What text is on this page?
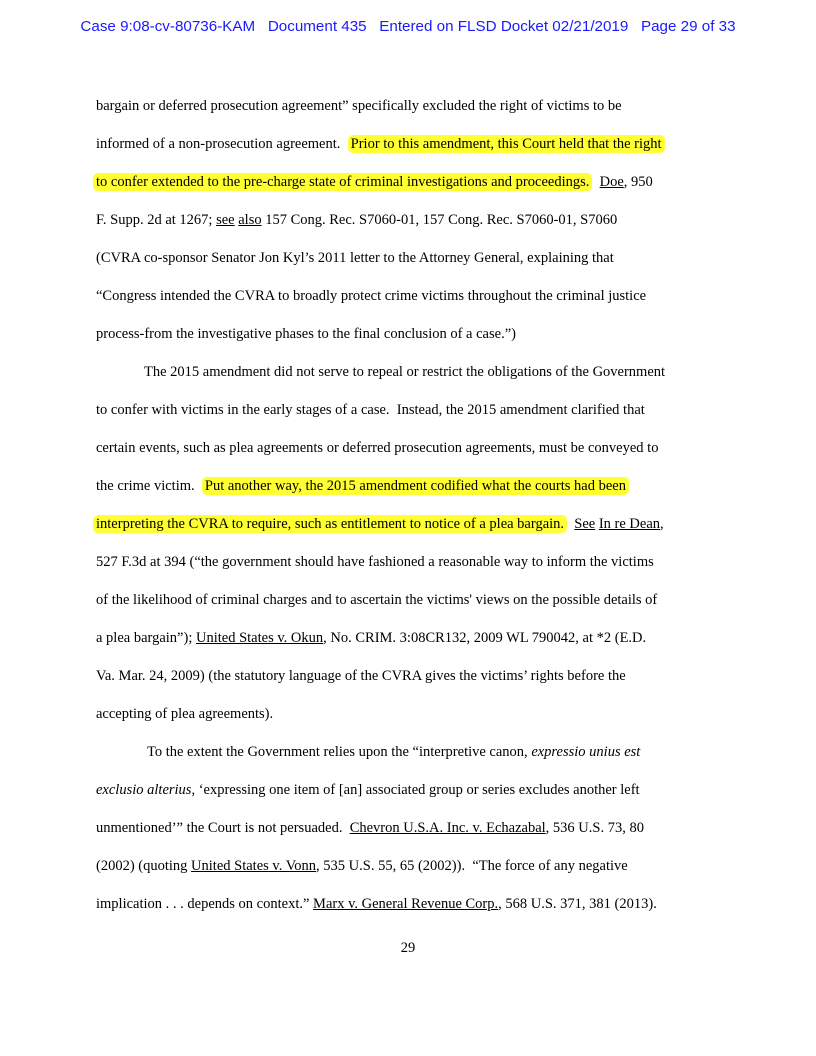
Case 9:08-cv-80736-KAM   Document 435   Entered on FLSD Docket 02/21/2019   Page 29 of 33
bargain or deferred prosecution agreement” specifically excluded the right of victims to be
informed of a non-prosecution agreement.  Prior to this amendment, this Court held that the right
to confer extended to the pre-charge state of criminal investigations and proceedings. Doe, 950
F. Supp. 2d at 1267; see also 157 Cong. Rec. S7060-01, 157 Cong. Rec. S7060-01, S7060
(CVRA co-sponsor Senator Jon Kyl’s 2011 letter to the Attorney General, explaining that
“Congress intended the CVRA to broadly protect crime victims throughout the criminal justice
process-from the investigative phases to the final conclusion of a case.”)
The 2015 amendment did not serve to repeal or restrict the obligations of the Government
to confer with victims in the early stages of a case.  Instead, the 2015 amendment clarified that
certain events, such as plea agreements or deferred prosecution agreements, must be conveyed to
the crime victim.  Put another way, the 2015 amendment codified what the courts had been
interpreting the CVRA to require, such as entitlement to notice of a plea bargain. See In re Dean,
527 F.3d at 394 (“the government should have fashioned a reasonable way to inform the victims
of the likelihood of criminal charges and to ascertain the victims' views on the possible details of
a plea bargain”); United States v. Okun, No. CRIM. 3:08CR132, 2009 WL 790042, at *2 (E.D.
Va. Mar. 24, 2009) (the statutory language of the CVRA gives the victims’ rights before the
accepting of plea agreements).
To the extent the Government relies upon the “interpretive canon, expressio unius est
exclusio alterius, ‘expressing one item of [an] associated group or series excludes another left
unmentioned’” the Court is not persuaded.  Chevron U.S.A. Inc. v. Echazabal, 536 U.S. 73, 80
(2002) (quoting United States v. Vonn, 535 U.S. 55, 65 (2002)).  “The force of any negative
implication . . . depends on context.” Marx v. General Revenue Corp., 568 U.S. 371, 381 (2013).
29
